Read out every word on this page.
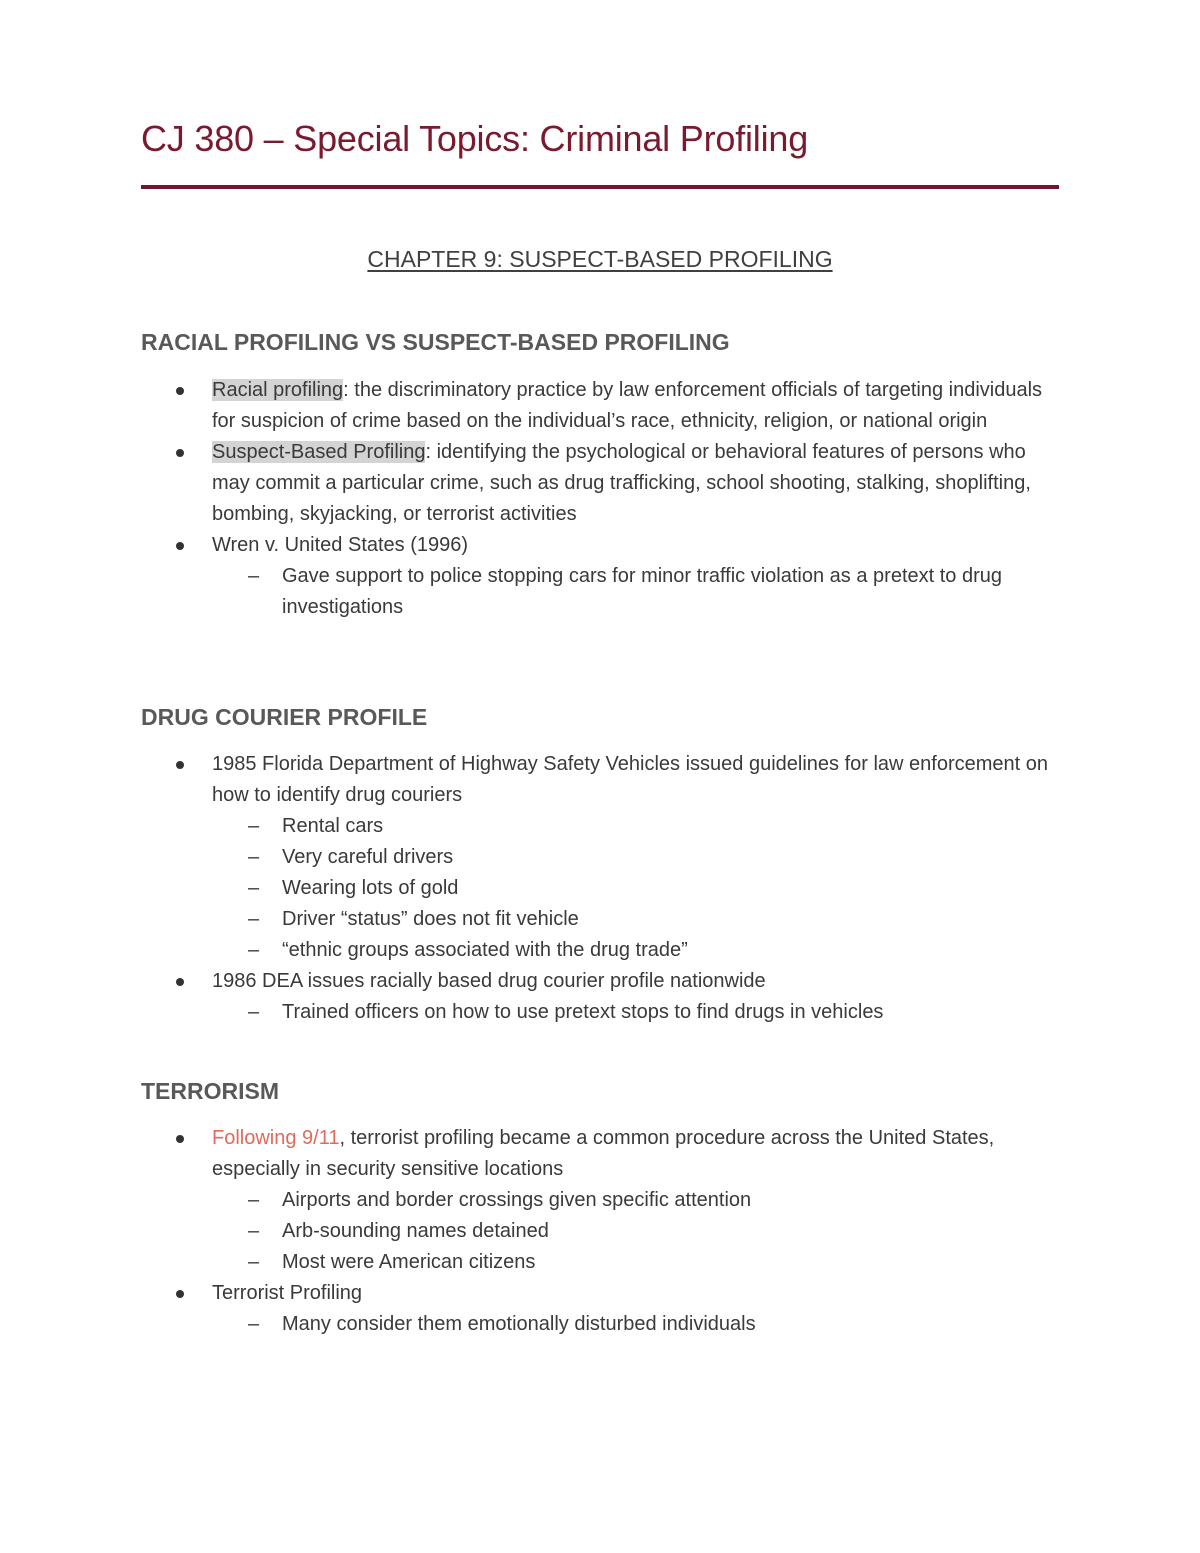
CJ 380 – Special Topics: Criminal Profiling
CHAPTER 9: SUSPECT-BASED PROFILING
RACIAL PROFILING VS SUSPECT-BASED PROFILING
Racial profiling: the discriminatory practice by law enforcement officials of targeting individuals for suspicion of crime based on the individual’s race, ethnicity, religion, or national origin
Suspect-Based Profiling: identifying the psychological or behavioral features of persons who may commit a particular crime, such as drug trafficking, school shooting, stalking, shoplifting, bombing, skyjacking, or terrorist activities
Wren v. United States (1996)
– Gave support to police stopping cars for minor traffic violation as a pretext to drug investigations
DRUG COURIER PROFILE
1985 Florida Department of Highway Safety Vehicles issued guidelines for law enforcement on how to identify drug couriers
– Rental cars
– Very careful drivers
– Wearing lots of gold
– Driver “status” does not fit vehicle
– “ethnic groups associated with the drug trade”
1986 DEA issues racially based drug courier profile nationwide
– Trained officers on how to use pretext stops to find drugs in vehicles
TERRORISM
Following 9/11, terrorist profiling became a common procedure across the United States, especially in security sensitive locations
– Airports and border crossings given specific attention
– Arb-sounding names detained
– Most were American citizens
Terrorist Profiling
– Many consider them emotionally disturbed individuals
